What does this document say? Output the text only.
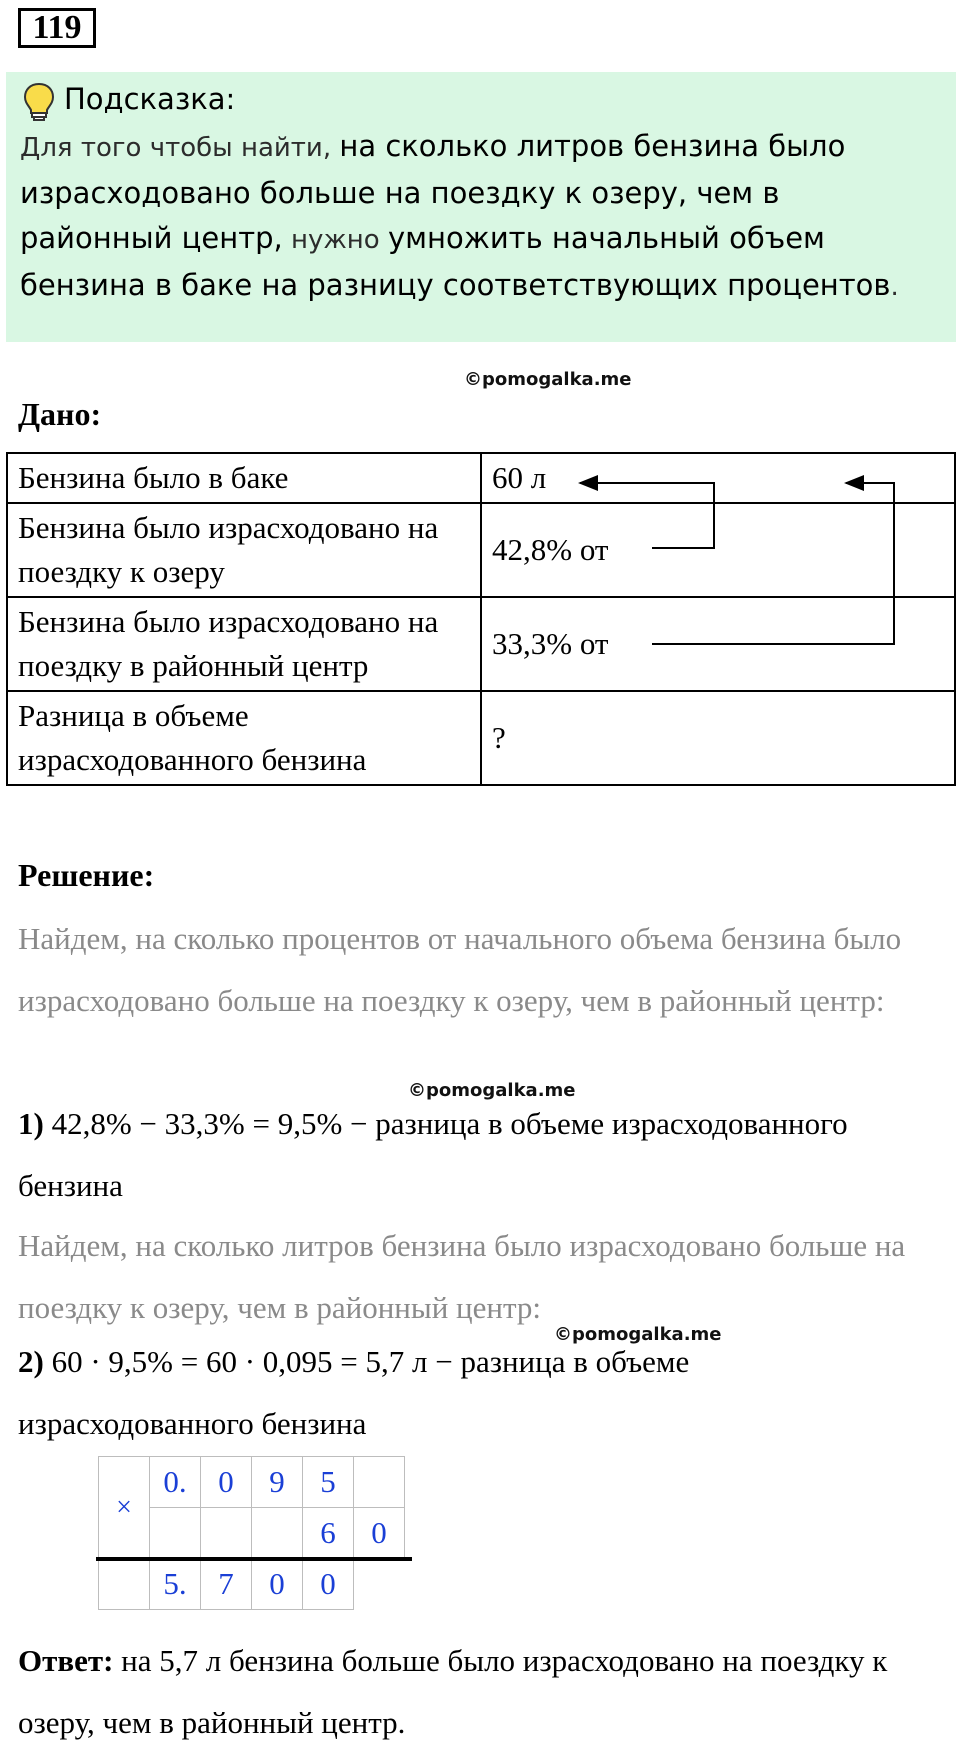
119
Подсказка:
Для того чтобы найти, на сколько литров бензина было израсходовано больше на поездку к озеру, чем в районный центр, нужно умножить начальный объем бензина в баке на разницу соответствующих процентов.
©pomogalka.me
Дано:
Бензина было в баке	60 л
Бензина было израсходовано на поездку к озеру	42,8% от
Бензина было израсходовано на поездку в районный центр	33,3% от
Разница в объеме израсходованного бензина	?
Решение:
Найдем, на сколько процентов от начального объема бензина было израсходовано больше на поездку к озеру, чем в районный центр:
©pomogalka.me
1) 42,8% − 33,3% = 9,5% − разница в объеме израсходованного бензина
Найдем, на сколько литров бензина было израсходовано больше на поездку к озеру, чем в районный центр:
©pomogalka.me
2) 60 · 9,5% = 60 · 0,095 = 5,7 л − разница в объеме израсходованного бензина
×	0.	0	9	5	
				6	0
	5.	7	0	0	
Ответ: на 5,7 л бензина больше было израсходовано на поездку к озеру, чем в районный центр.
